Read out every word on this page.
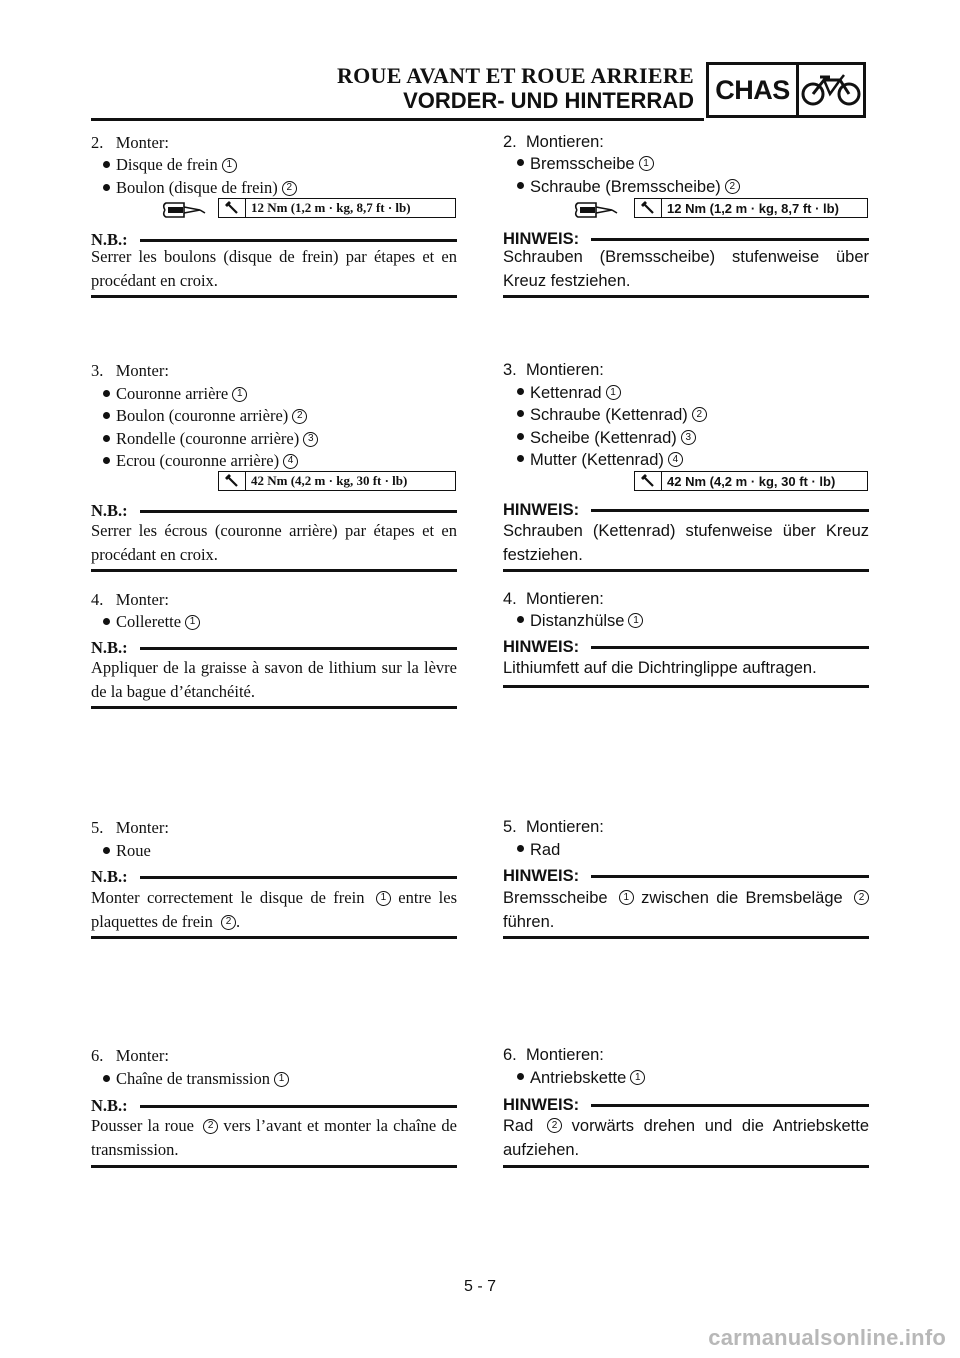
ROUE AVANT ET ROUE ARRIERE
VORDER- UND HINTERRAD CHAS
2. Monter:
Disque de frein 1
Boulon (disque de frein) 2
12 Nm (1,2 m · kg, 8,7 ft · lb)
N.B.:
Serrer les boulons (disque de frein) par étapes et en procédant en croix.
3. Monter:
Couronne arrière 1
Boulon (couronne arrière) 2
Rondelle (couronne arrière) 3
Ecrou (couronne arrière) 4
42 Nm (4,2 m · kg, 30 ft · lb)
N.B.:
Serrer les écrous (couronne arrière) par étapes et en procédant en croix.
4. Monter:
Collerette 1
N.B.:
Appliquer de la graisse à savon de lithium sur la lèvre de la bague d’étanchéité.
5. Monter:
Roue
N.B.:
Monter correctement le disque de frein 1 entre les plaquettes de frein 2 .
6. Monter:
Chaîne de transmission 1
N.B.:
Pousser la roue 2 vers l’avant et monter la chaîne de transmission.
2. Montieren:
Bremsscheibe 1
Schraube (Bremsscheibe) 2
12 Nm (1,2 m · kg, 8,7 ft · lb)
HINWEIS:
Schrauben (Bremsscheibe) stufenweise über Kreuz festziehen.
3. Montieren:
Kettenrad 1
Schraube (Kettenrad) 2
Scheibe (Kettenrad) 3
Mutter (Kettenrad) 4
42 Nm (4,2 m · kg, 30 ft · lb)
HINWEIS:
Schrauben (Kettenrad) stufenweise über Kreuz festziehen.
4. Montieren:
Distanzhülse 1
HINWEIS:
Lithiumfett auf die Dichtringlippe auftragen.
5. Montieren:
Rad
HINWEIS:
Bremsscheibe 1 zwischen die Bremsbeläge 2 führen.
6. Montieren:
Antriebskette 1
HINWEIS:
Rad 2 vorwärts drehen und die Antriebskette aufziehen.
5 - 7
carmanualsonline.info
